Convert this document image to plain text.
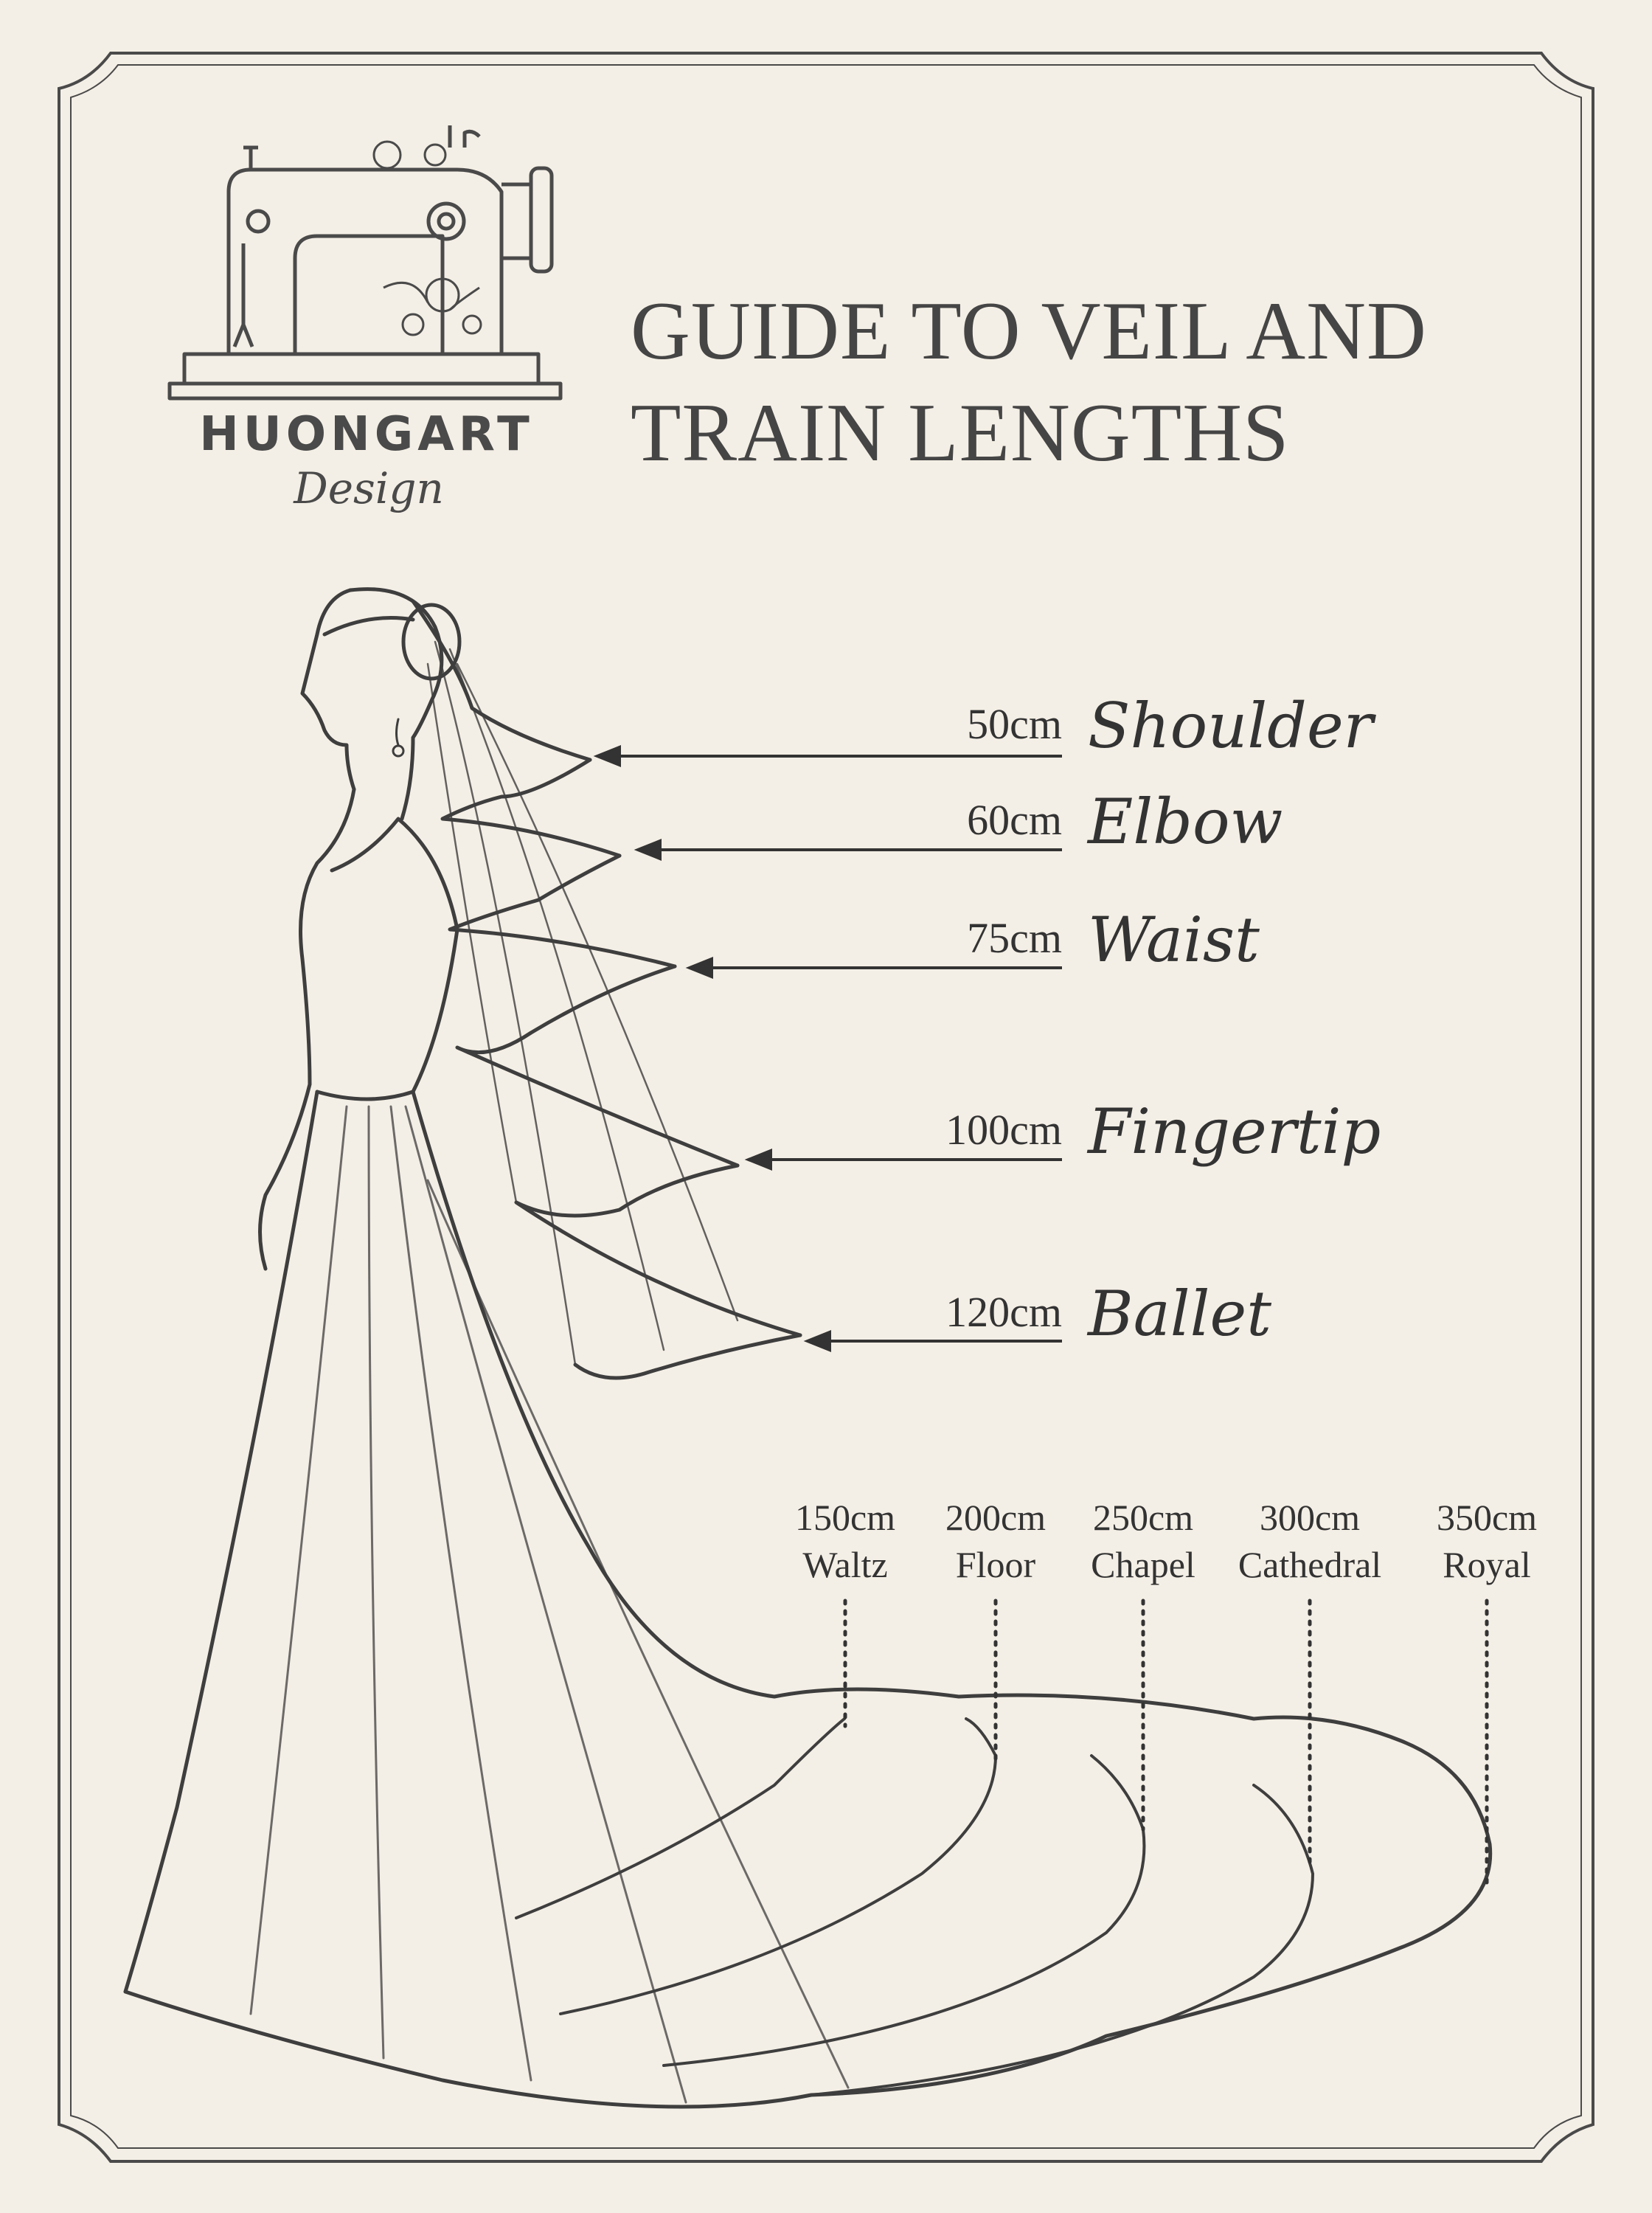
GUIDE TO VEIL AND
TRAIN LENGTHS
HUONGART
Design
50cm Shoulder
60cm Elbow
75cm Waist
100cm Fingertip
120cm Ballet
150cm
Waltz
200cm
Floor
250cm
Chapel
300cm
Cathedral
350cm
Royal
